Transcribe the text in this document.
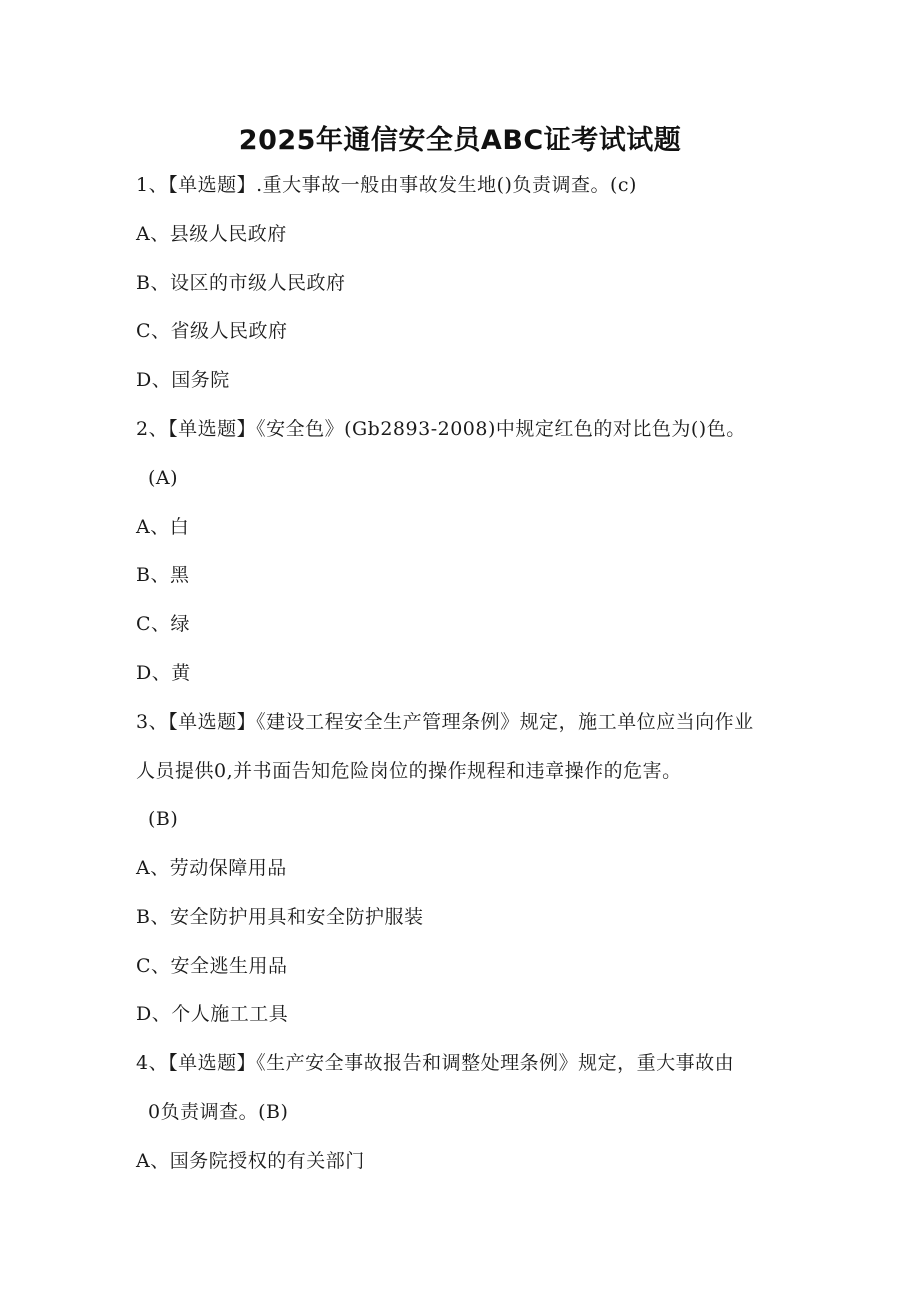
2025年通信安全员ABC证考试试题
1、【单选题】.重大事故一般由事故发生地()负责调查。(c)
A、县级人民政府
B、设区的市级人民政府
C、省级人民政府
D、国务院
2、【单选题】《安全色》(Gb2893-2008)中规定红色的对比色为()色。
(A)
A、白
B、黑
C、绿
D、黄
3、【单选题】《建设工程安全生产管理条例》规定，施工单位应当向作业
人员提供0,并书面告知危险岗位的操作规程和违章操作的危害。
(B)
A、劳动保障用品
B、安全防护用具和安全防护服装
C、安全逃生用品
D、个人施工工具
4、【单选题】《生产安全事故报告和调整处理条例》规定，重大事故由
0负责调查。(B)
A、国务院授权的有关部门
